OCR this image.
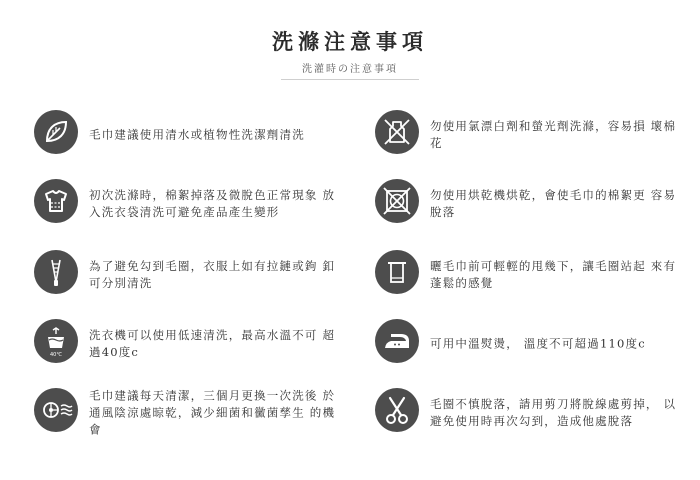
洗滌注意事項
洗灌時の注意事項
毛巾建議使用清水或植物性洗潔劑清洗
初次洗滌時，棉絮掉落及微脫色正常現象 放入洗衣袋清洗可避免產品產生變形
為了避免勾到毛圈，衣服上如有拉鏈或鉤 釦可分別清洗
40℃
洗衣機可以使用低速清洗，最高水溫不可 超過40度c
毛巾建議每天清潔，三個月更換一次洗後 於通風陰涼處晾乾，減少細菌和黴菌孳生 的機會
勿使用氯漂白劑和螢光劑洗滌，容易損 壞棉花
勿使用烘乾機烘乾，會使毛巾的棉絮更 容易脫落
曬毛巾前可輕輕的甩幾下，讓毛圈站起 來有蓬鬆的感覺
可用中溫熨燙， 溫度不可超過110度c
毛圈不慎脫落，請用剪刀將脫線處剪掉， 以避免使用時再次勾到，造成他處脫落
